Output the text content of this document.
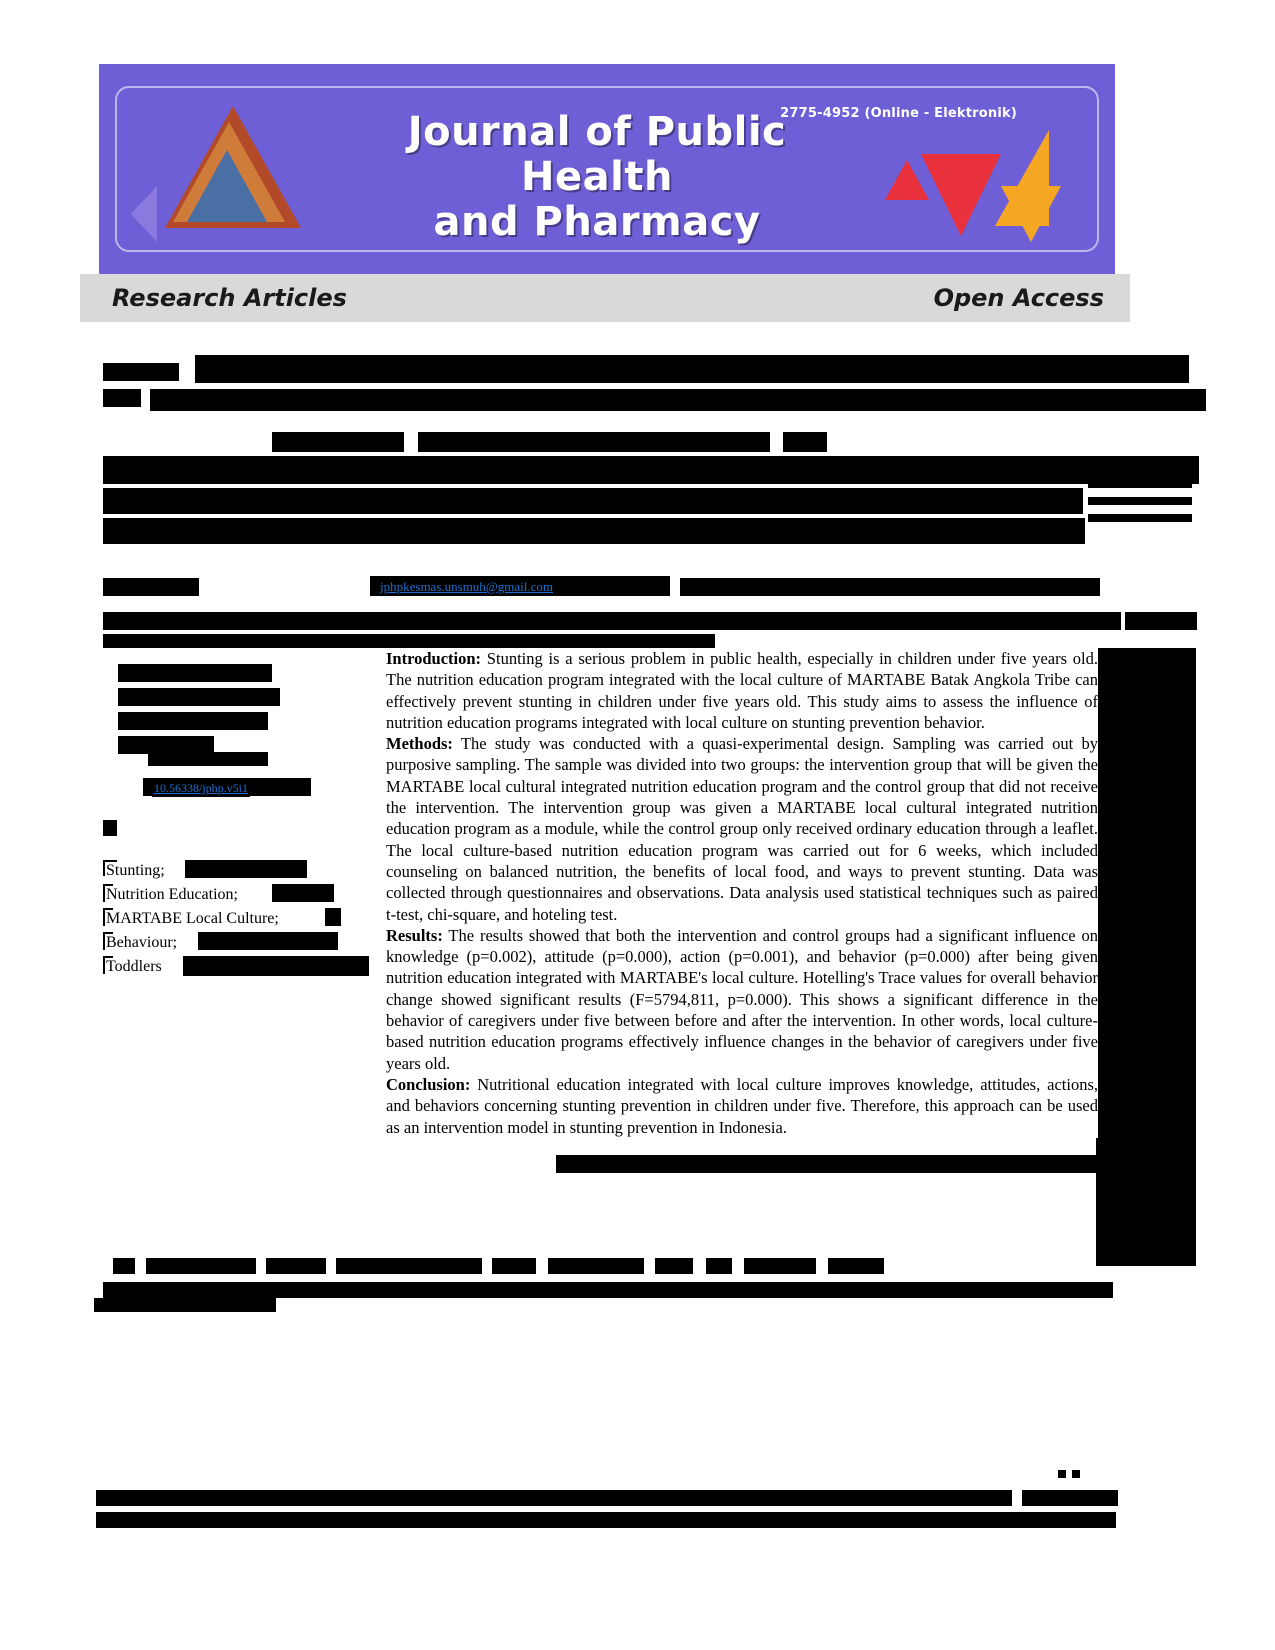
Journal of Public Health
and Pharmacy
2775-4952 (Online - Elektronik)
Research Articles	Open Access
jphpkesmas.unsmuh@gmail.com
10.56338/jphp.v5i1
Stunting;
Nutrition Education;
MARTABE Local Culture;
Behaviour;
Toddlers

Introduction: Stunting is a serious problem in public health, especially in children under five years old. The nutrition education program integrated with the local culture of MARTABE Batak Angkola Tribe can effectively prevent stunting in children under five years old. This study aims to assess the influence of nutrition education programs integrated with local culture on stunting prevention behavior.

Methods: The study was conducted with a quasi-experimental design. Sampling was carried out by purposive sampling. The sample was divided into two groups: the intervention group that will be given the MARTABE local cultural integrated nutrition education program and the control group that did not receive the intervention. The intervention group was given a MARTABE local cultural integrated nutrition education program as a module, while the control group only received ordinary education through a leaflet. The local culture-based nutrition education program was carried out for 6 weeks, which included counseling on balanced nutrition, the benefits of local food, and ways to prevent stunting. Data was collected through questionnaires and observations. Data analysis used statistical techniques such as paired t-test, chi-square, and hoteling test.

Results: The results showed that both the intervention and control groups had a significant influence on knowledge (p=0.002), attitude (p=0.000), action (p=0.001), and behavior (p=0.000) after being given nutrition education integrated with MARTABE's local culture. Hotelling's Trace values for overall behavior change showed significant results (F=5794,811, p=0.000). This shows a significant difference in the behavior of caregivers under five between before and after the intervention. In other words, local culture-based nutrition education programs effectively influence changes in the behavior of caregivers under five years old.

Conclusion: Nutritional education integrated with local culture improves knowledge, attitudes, actions, and behaviors concerning stunting prevention in children under five. Therefore, this approach can be used as an intervention model in stunting prevention in Indonesia.
